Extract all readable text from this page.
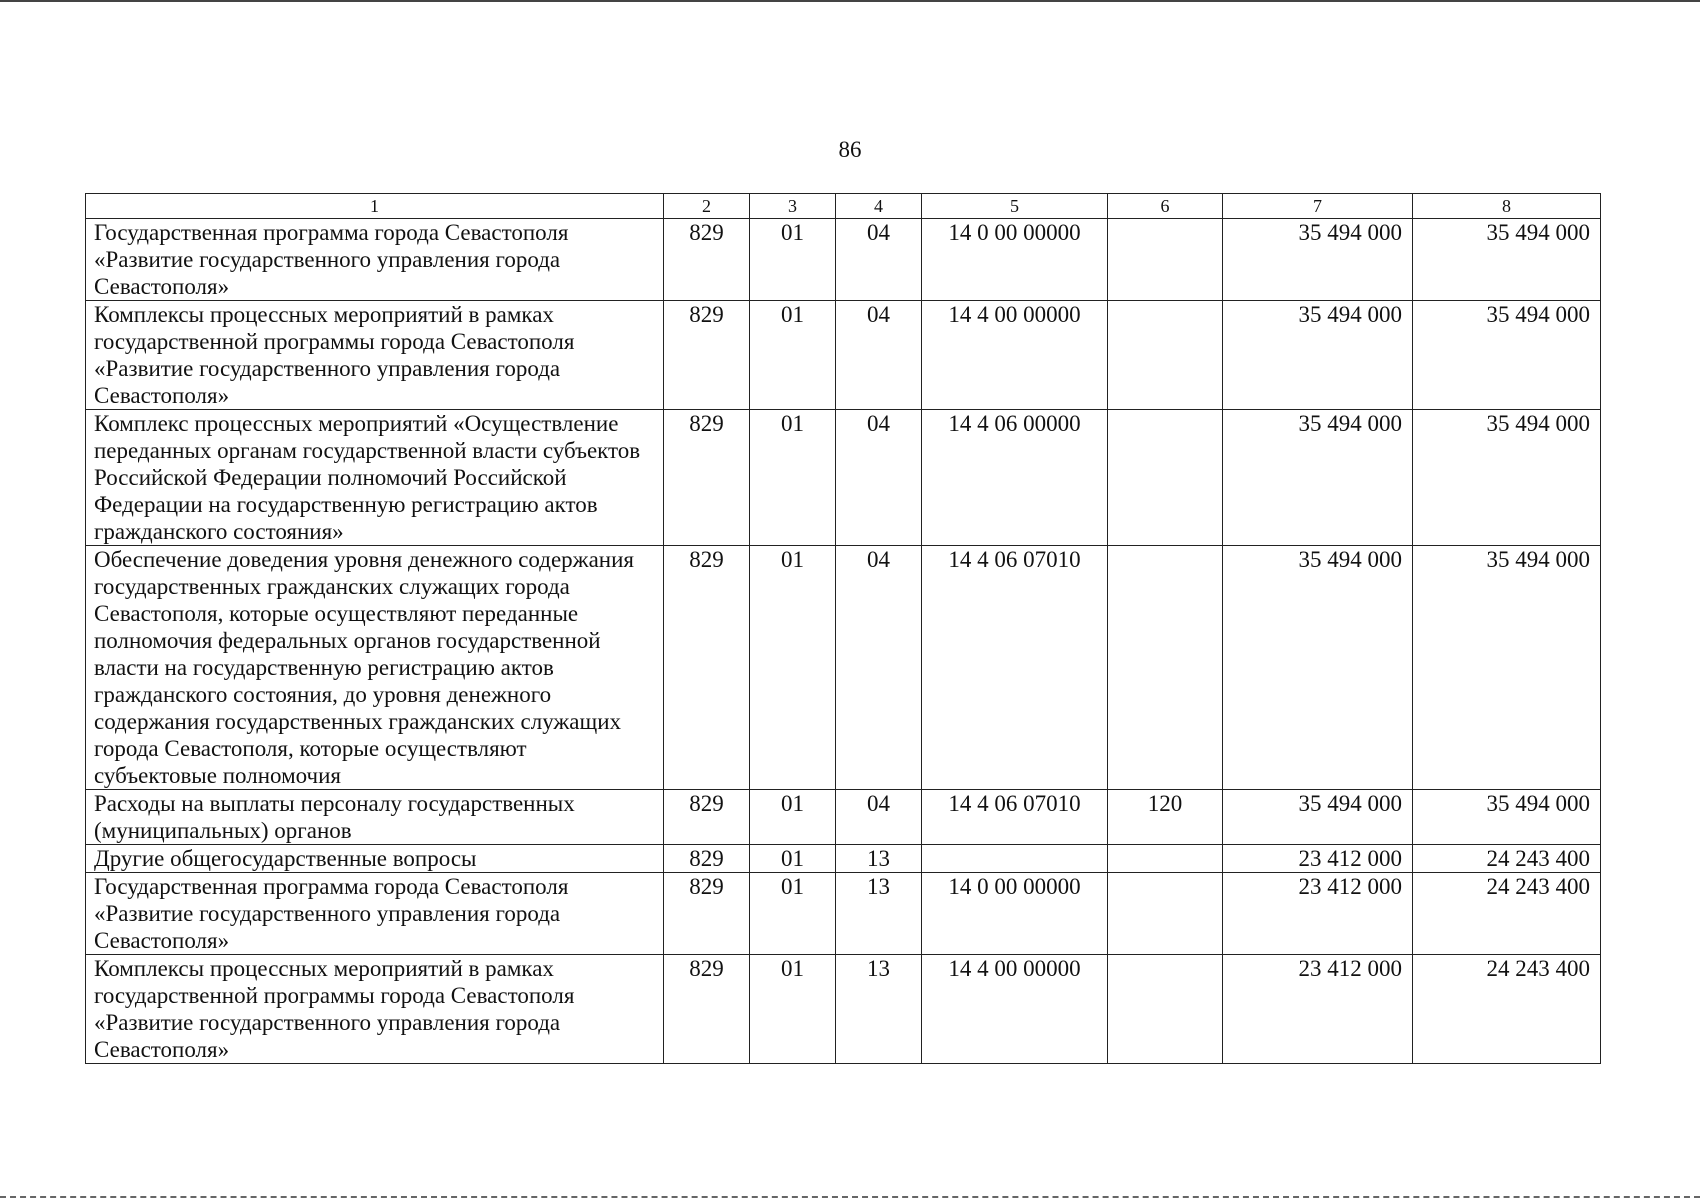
86
1	2	3	4	5	6	7	8
Государственная программа города Севастополя «Развитие государственного управления города Севастополя»	829	01	04	14 0 00 00000		35 494 000	35 494 000
Комплексы процессных мероприятий в рамках государственной программы города Севастополя «Развитие государственного управления города Севастополя»	829	01	04	14 4 00 00000		35 494 000	35 494 000
Комплекс процессных мероприятий «Осуществление переданных органам государственной власти субъектов Российской Федерации полномочий Российской Федерации на государственную регистрацию актов гражданского состояния»	829	01	04	14 4 06 00000		35 494 000	35 494 000
Обеспечение доведения уровня денежного содержания государственных гражданских служащих города Севастополя, которые осуществляют переданные полномочия федеральных органов государственной власти на государственную регистрацию актов гражданского состояния, до уровня денежного содержания государственных гражданских служащих города Севастополя, которые осуществляют субъектовые полномочия	829	01	04	14 4 06 07010		35 494 000	35 494 000
Расходы на выплаты персоналу государственных (муниципальных) органов	829	01	04	14 4 06 07010	120	35 494 000	35 494 000
Другие общегосударственные вопросы	829	01	13			23 412 000	24 243 400
Государственная программа города Севастополя «Развитие государственного управления города Севастополя»	829	01	13	14 0 00 00000		23 412 000	24 243 400
Комплексы процессных мероприятий в рамках государственной программы города Севастополя «Развитие государственного управления города Севастополя»	829	01	13	14 4 00 00000		23 412 000	24 243 400
